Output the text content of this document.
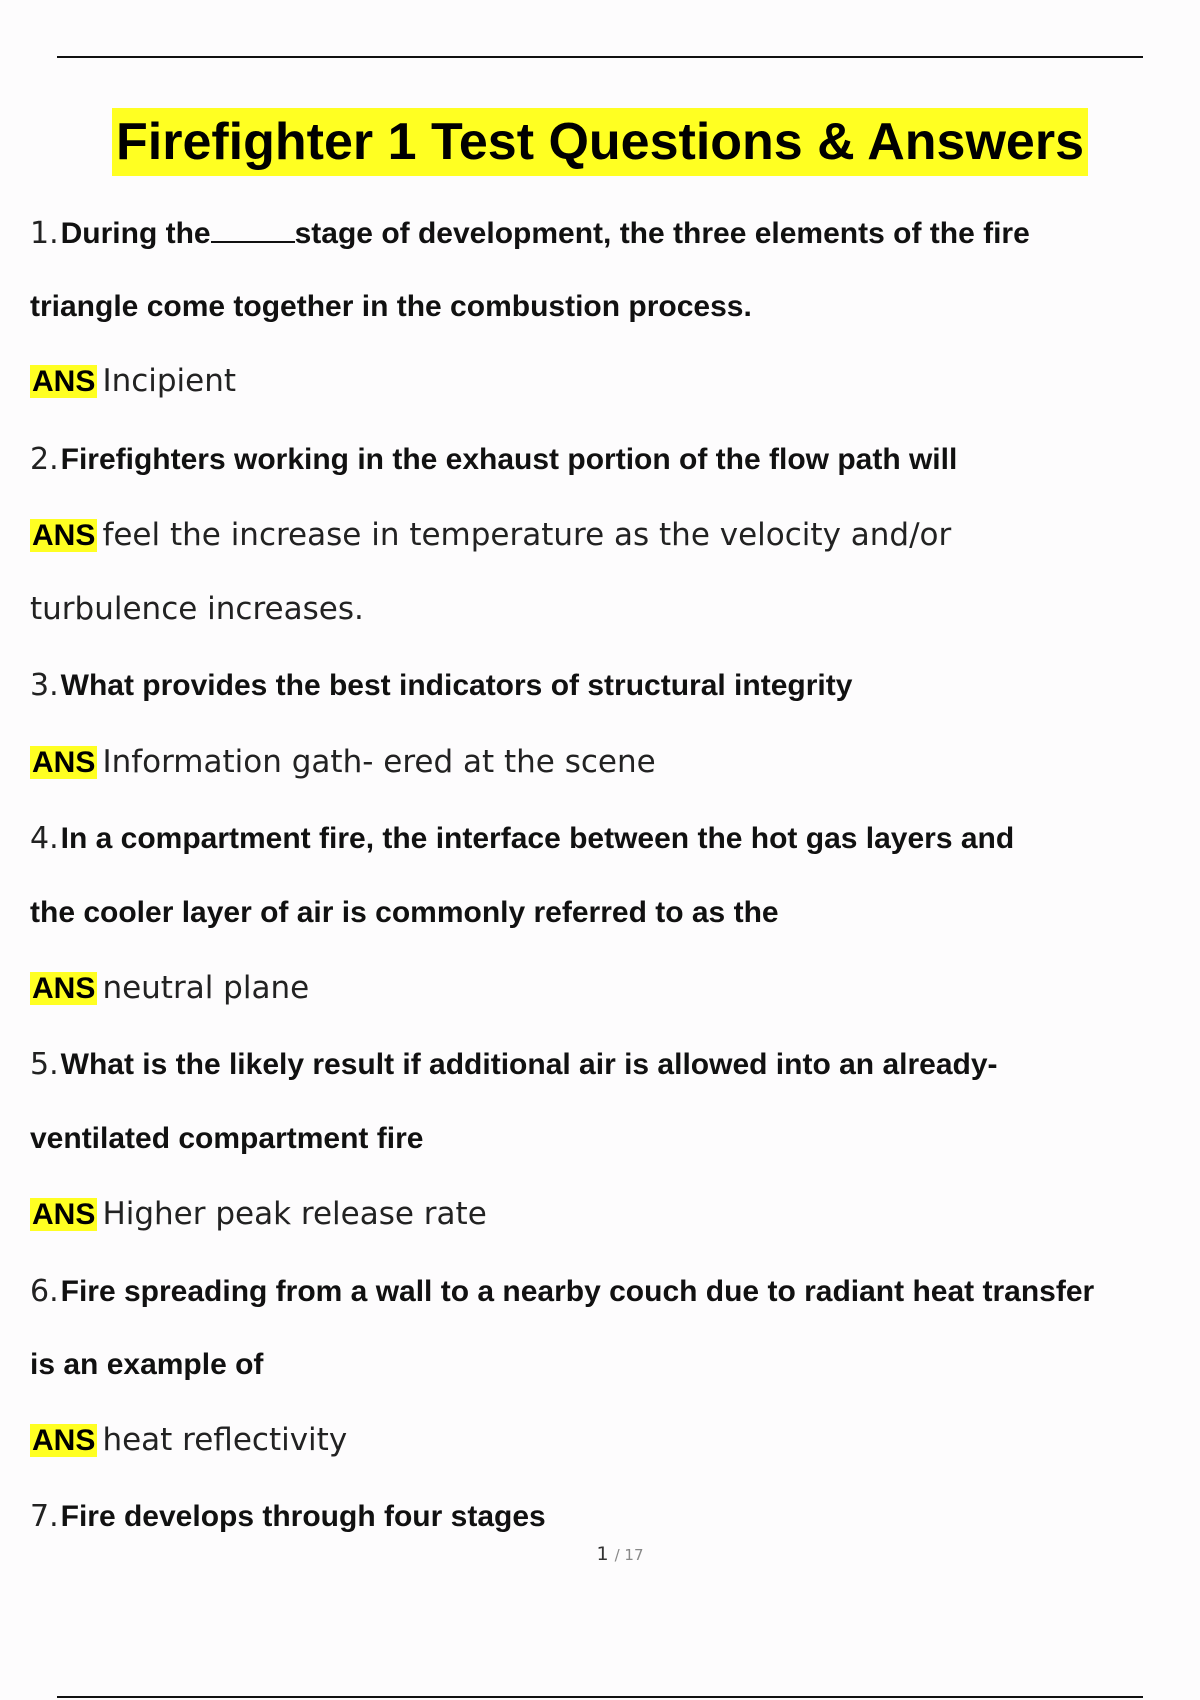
Firefighter 1 Test Questions & Answers
1.During the	stage of development, the three elements of the fire
triangle come together in the combustion process.
ANS Incipient
2.Firefighters working in the exhaust portion of the flow path will
ANS feel the increase in temperature as the velocity and/or
turbulence increases.
3.What provides the best indicators of structural integrity
ANS Information gath- ered at the scene
4.In a compartment fire, the interface between the hot gas layers and
the cooler layer of air is commonly referred to as the
ANS neutral plane
5.What is the likely result if additional air is allowed into an already-
ventilated compartment fire
ANS Higher peak release rate
6.Fire spreading from a wall to a nearby couch due to radiant heat transfer
is an example of
ANS heat reflectivity
7.Fire develops through four stages
1 / 17
